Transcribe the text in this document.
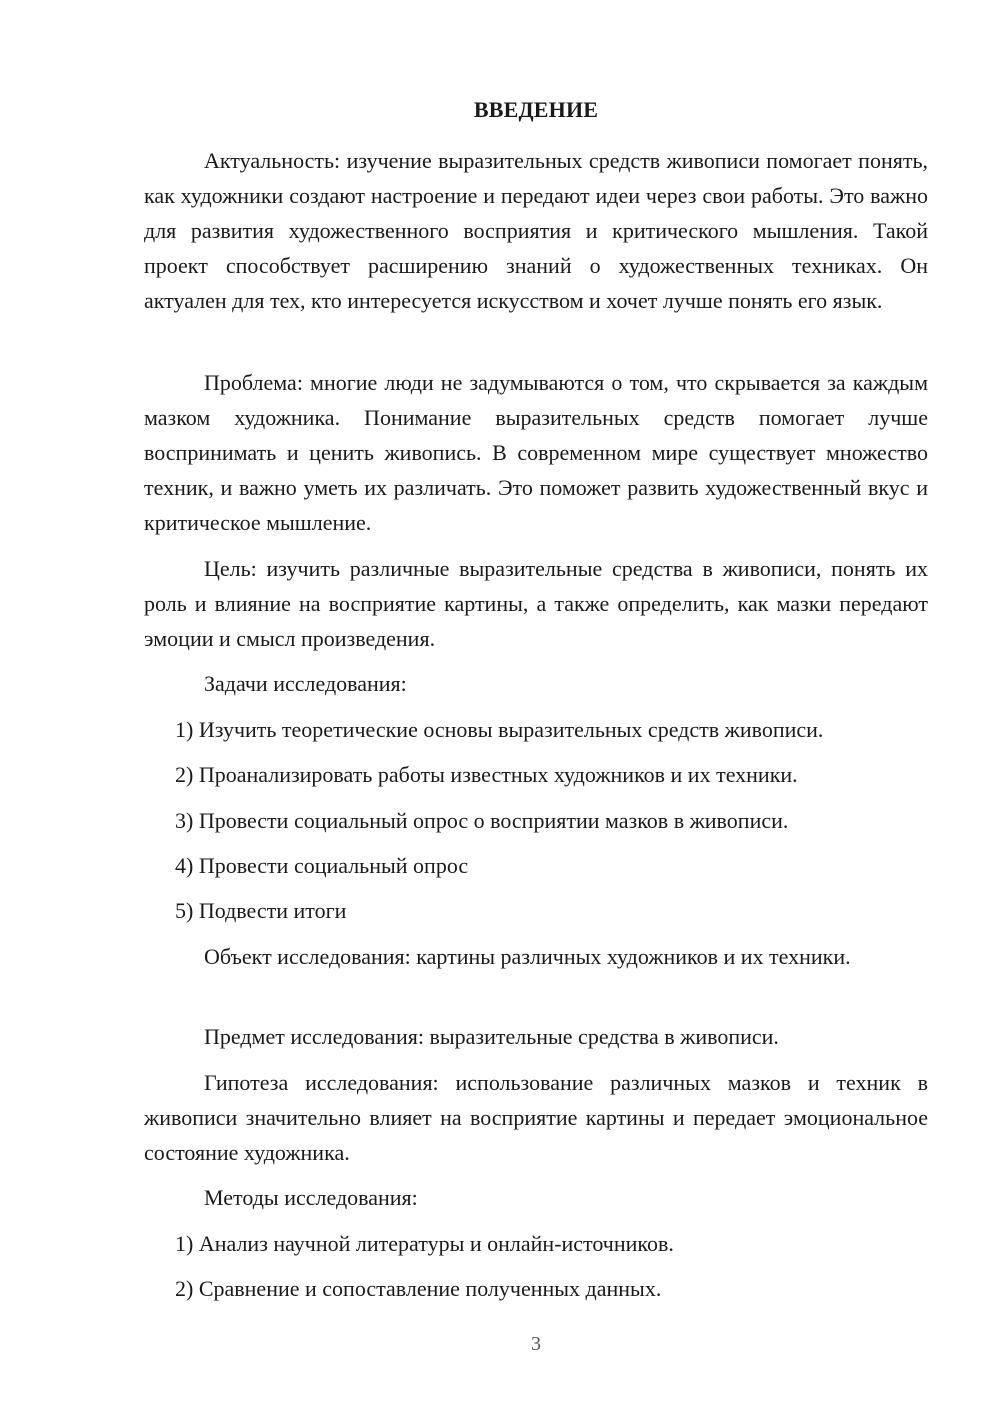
ВВЕДЕНИЕ

Актуальность: изучение выразительных средств живописи помогает понять, как художники создают настроение и передают идеи через свои работы. Это важно для развития художественного восприятия и критического мышления. Такой проект способствует расширению знаний о художественных техниках. Он актуален для тех, кто интересуется искусством и хочет лучше понять его язык.

Проблема: многие люди не задумываются о том, что скрывается за каждым мазком художника. Понимание выразительных средств помогает лучше воспринимать и ценить живопись. В современном мире существует множество техник, и важно уметь их различать. Это поможет развить художественный вкус и критическое мышление.

Цель: изучить различные выразительные средства в живописи, понять их роль и влияние на восприятие картины, а также определить, как мазки передают эмоции и смысл произведения.

Задачи исследования:

1) Изучить теоретические основы выразительных средств живописи.

2) Проанализировать работы известных художников и их техники.

3) Провести социальный опрос о восприятии мазков в живописи.

4) Провести социальный опрос

5) Подвести итоги

Объект исследования: картины различных художников и их техники.

Предмет исследования: выразительные средства в живописи.

Гипотеза исследования: использование различных мазков и техник в живописи значительно влияет на восприятие картины и передает эмоциональное состояние художника.

Методы исследования:

1) Анализ научной литературы и онлайн-источников.

2) Сравнение и сопоставление полученных данных.

3
